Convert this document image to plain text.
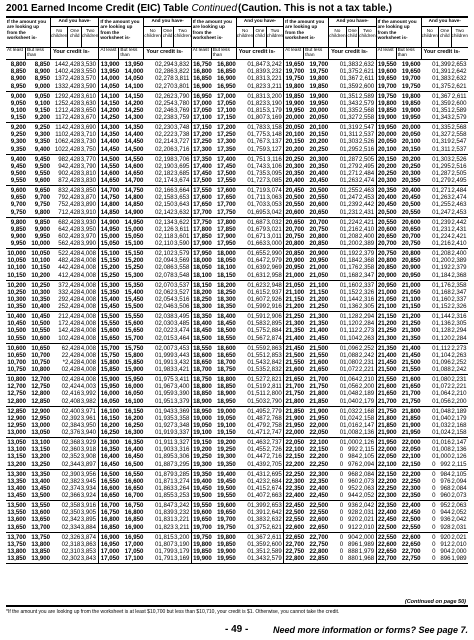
2001 Earned Income Credit (EIC) Table Continued (Caution. This is not a tax table.)
If the amount you are looking up from the worksheet is-
And you have-
No children
One child
Two children
At least But less than
Your credit is-
8,800	8,850 144 2,428 3,530
8,850	8,900 140 2,428 3,550
8,900	8,950 137 2,428 3,570
8,950	9,000 133 2,428 3,590
9,000	9,050 129 2,428 3,610
9,050	9,100 125 2,428 3,630
9,100	9,150 121 2,428 3,650
9,150	9,200 117 2,428 3,670
9,200	9,250 114 2,428 3,690
9,250	9,300 110 2,428 3,710
9,300	9,350 106 2,428 3,730
9,350	9,400 102 2,428 3,750
9,400	9,450	98 2,428 3,770
9,450	9,500	94 2,428 3,790
9,500	9,550	90 2,428 3,810
9,550	9,600	87 2,428 3,830
9,600	9,650	83 2,428 3,850
9,650	9,700	79 2,428 3,870
9,700	9,750	75 2,428 3,890
9,750	9,800	71 2,428 3,910
9,800	9,850	68 2,428 3,930
9,850	9,900	64 2,428 3,950
9,900	9,950	60 2,428 3,970
9,950 10,000	56 2,428 3,990
10,000 10,050	52 2,428 4,008
10,050 10,100	48 2,428 4,008
10,100 10,150	44 2,428 4,008
10,150 10,200	41 2,428 4,008
10,200 10,250	37 2,428 4,008
10,250 10,300	33 2,428 4,008
10,300 10,350	29 2,428 4,008
10,350 10,400	25 2,428 4,008
10,400 10,450	21 2,428 4,008
10,450 10,500	17 2,428 4,008
10,500 10,550	14 2,428 4,008
10,550 10,600	10 2,428 4,008
10,600 10,650	6 2,428 4,008
10,650 10,700	2 2,428 4,008
10,700 10,750	* 2,428 4,008
10,750 10,800	0 2,428 4,008
10,800 12,700	0 2,428 4,008
12,700 12,750	0 2,424 4,003
12,750 12,800	0 2,416 3,992
12,800 12,850	0 2,408 3,982
12,850 12,900	0 2,400 3,971
12,900 12,950	0 2,392 3,961
12,950 13,000	0 2,384 3,950
13,000 13,050	0 2,376 3,940
13,050 13,100	0 2,368 3,929
13,100 13,150	0 2,360 3,918
13,150 13,200	0 2,352 3,908
13,200 13,250	0 2,344 3,897
13,300 13,350	0 2,390 3,956
13,350 13,400	0 2,382 3,945
13,400 13,450	0 2,374 3,934
13,450 13,500	0 2,366 3,924
13,500 13,550	0 2,358 3,916
13,550 13,600	0 2,350 3,905
13,600 13,650	0 2,342 3,895
13,650 13,700	0 2,334 3,884
13,700 13,750	0 2,326 3,874
13,750 13,800	0 2,318 3,863
13,800 13,850	0 2,310 3,853
13,850 13,900	0 2,302 3,843
If the amount you are looking up from the worksheet is-
And you have-
No children
One child
Two children
At least But less than
Your credit is-
13,900 13,950	0 2,294 3,832
13,950 14,000	0 2,286 3,822
14,000 14,050	0 2,278 3,811
14,050 14,100	0 2,270 3,801
14,100 14,150	0 2,262 3,790
14,150 14,200	0 2,254 3,780
14,200 14,250	0 2,246 3,769
14,250 14,300	0 2,238 3,759
14,300 14,350	0 2,230 3,748
14,350 14,400	0 2,222 3,738
14,400 14,450	0 2,214 3,727
14,450 14,500	0 2,206 3,716
14,500 14,550	0 2,198 3,706
14,550 14,600	0 2,190 3,695
14,600 14,650	0 2,182 3,685
14,650 14,700	0 2,174 3,674
14,700 14,750	0 2,166 3,664
14,750 14,800	0 2,158 3,653
14,800 14,850	0 2,150 3,643
14,850 14,900	0 2,142 3,632
14,900 14,950	0 2,134 3,622
14,950 15,000	0 2,126 3,611
15,000 15,050	0 2,118 3,601
15,050 15,100	0 2,110 3,590
15,100 15,150	0 2,102 3,579
15,150 15,200	0 2,094 3,569
15,200 15,250	0 2,086 3,558
15,250 15,300	0 2,078 3,548
15,300 15,350	0 2,070 3,537
15,350 15,400	0 2,062 3,527
15,400 15,450	0 2,054 3,516
15,450 15,500	0 2,046 3,506
15,500 15,550	0 2,038 3,495
15,550 15,600	0 2,030 3,485
15,600 15,650	0 2,022 3,474
15,650 15,700	0 2,015 3,464
15,700 15,750	0 2,007 3,453
15,750 15,800	0 1,999 3,443
15,800 15,850	0 1,991 3,432
15,850 15,900	0 1,983 3,421
15,900 15,950	0 1,975 3,411
15,950 16,000	0 1,967 3,400
16,000 16,050	0 1,959 3,390
16,050 16,100	0 1,951 3,379
16,100 16,150	0 1,943 3,369
16,150 16,200	0 1,935 3,358
16,200 16,250	0 1,927 3,348
16,250 16,300	0 1,919 3,337
16,300 16,350	0 1,911 3,327
16,350 16,400	0 1,903 3,316
16,400 16,450	0 1,895 3,306
16,450 16,500	0 1,887 3,295
16,500 16,550	0 1,879 3,285
16,550 16,600	0 1,871 3,274
16,600 16,650	0 1,863 3,264
16,650 16,700	0 1,855 3,253
16,700 16,750	0 1,847 3,242
16,750 16,800	0 1,839 3,232
16,800 16,850	0 1,831 3,221
16,850 16,900	0 1,823 3,211
16,900 16,950	0 1,815 3,200
16,950 17,000	0 1,807 3,190
17,000 17,050	0 1,799 3,179
17,050 17,100	0 1,791 3,169
If the amount you are looking up from the worksheet is-
And you have-
No children
One child
Two children
At least But less than
Your credit is-
16,750 16,800	0 1,847 3,242
16,800 16,850	0 1,839 3,232
16,850 16,900	0 1,831 3,221
16,900 16,950	0 1,823 3,211
16,950 17,000	0 1,831 3,200
17,000 17,050	0 1,823 3,190
17,050 17,100	0 1,815 3,179
17,100 17,150	0 1,807 3,169
17,150 17,200	0 1,783 3,158
17,200 17,250	0 1,775 3,148
17,250 17,300	0 1,767 3,137
17,300 17,350	0 1,759 3,127
17,350 17,400	0 1,751 3,116
17,400 17,450	0 1,743 3,106
17,450 17,500	0 1,735 3,095
17,500 17,550	0 1,727 3,085
17,550 17,600	0 1,719 3,074
17,600 17,650	0 1,711 3,063
17,650 17,700	0 1,703 3,053
17,700 17,750	0 1,695 3,042
17,750 17,800	0 1,687 3,032
17,800 17,850	0 1,679 3,021
17,850 17,900	0 1,671 3,011
17,900 17,950	0 1,663 3,000
17,950 18,000	0 1,655 2,990
18,000 18,050	0 1,647 2,979
18,050 18,100	0 1,639 2,969
18,100 18,150	0 1,631 2,958
18,150 18,200	0 1,623 2,948
18,200 18,250	0 1,615 2,937
18,250 18,300	0 1,607 2,926
18,300 18,350	0 1,599 2,916
18,350 18,400	0 1,591 2,906
18,400 18,450	0 1,583 2,895
18,450 18,500	0 1,575 2,884
18,500 18,550	0 1,567 2,874
18,550 18,600	0 1,559 2,863
18,600 18,650	0 1,551 2,853
18,650 18,700	0 1,543 2,842
18,700 18,750	0 1,535 2,832
18,750 18,800	0 1,527 2,821
18,800 18,850	0 1,519 2,811
18,850 18,900	0 1,511 2,800
18,900 18,950	0 1,503 2,790
18,950 19,000	0 1,495 2,779
19,000 19,050	0 1,487 2,768
19,050 19,100	0 1,479 2,758
19,100 19,150	0 1,471 2,747
19,150 19,200	0 1,463 2,737
19,200 19,250	0 1,455 2,726
19,250 19,300	0 1,447 2,716
19,300 19,350	0 1,439 2,705
19,350 19,400	0 1,431 2,695
19,400 19,450	0 1,423 2,684
19,450 19,500	0 1,415 2,674
19,500 19,550	0 1,407 2,663
19,550 19,600	0 1,399 2,653
19,600 19,650	0 1,391 2,642
19,650 19,700	0 1,383 2,632
19,700 19,750	0 1,375 2,621
19,750 19,800	0 1,367 2,611
19,800 19,850	0 1,359 2,600
19,850 19,900	0 1,351 2,589
19,900 19,950	0 1,343 2,579
If the amount you are looking up from the worksheet is-
And you have-
No children
One child
Two children
At least But less than
Your credit is-
19,650 19,700	0 1,383 2,632
19,700 19,750	0 1,375 2,621
19,750 19,800	0 1,367 2,611
19,800 19,850	0 1,359 2,600
19,850 19,900	0 1,351 2,589
19,900 19,950	0 1,343 2,579
19,950 20,000	0 1,335 2,568
20,000 20,050	0 1,327 2,558
20,050 20,100	0 1,319 2,547
20,100 20,150	0 1,311 2,537
20,150 20,200	0 1,303 2,526
20,200 20,250	0 1,295 2,516
20,250 20,300	0 1,287 2,505
20,300 20,350	0 1,279 2,495
20,350 20,400	0 1,271 2,484
20,400 20,450	0 1,263 2,474
20,450 20,500	0 1,255 2,463
20,500 20,550	0 1,247 2,453
20,550 20,600	0 1,239 2,442
20,600 20,650	0 1,231 2,431
20,650 20,700	0 1,224 2,421
20,700 20,750	0 1,216 2,410
20,750 20,800	0 1,208 2,400
20,800 20,850	0 1,200 2,389
20,850 20,900	0 1,192 2,379
20,900 20,950	0 1,184 2,368
20,950 21,000	0 1,176 2,358
21,000 21,050	0 1,168 2,347
21,050 21,100	0 1,160 2,337
21,100 21,150	0 1,152 2,326
21,150 21,200	0 1,144 2,316
21,200 21,250	0 1,136 2,305
21,250 21,300	0 1,128 2,294
21,300 21,350	0 1,120 2,284
21,350 21,400	0 1,112 2,273
21,400 21,450	0 1,104 2,263
21,450 21,500	0 1,096 2,252
21,500 21,550	0 1,088 2,242
21,550 21,600	0 1,080 2,231
21,600 21,650	0 1,072 2,221
21,650 21,700	0 1,064 2,210
21,700 21,750	0 1,056 2,200
21,750 21,800	0 1,048 2,189
21,800 21,850	0 1,040 2,179
21,850 21,900	0 1,032 2,168
21,900 21,950	0 1,024 2,158
21,950 22,000	0 1,016 2,147
22,000 22,050	0 1,008 2,136
22,050 22,100	0 1,000 2,126
22,100 22,150	0 992 2,115
22,150 22,200	0 984 2,105
22,200 22,250	0 976 2,094
22,250 22,300	0 968 2,084
22,300 22,350	0 960 2,073
22,350 22,400	0 952 2,063
22,400 22,450	0 944 2,052
22,450 22,500	0 936 2,042
22,500 22,550	0 928 2,031
22,550 22,600	0 920 2,021
22,600 22,650	0 912 2,010
22,650 22,700	0 904 2,000
22,700 22,750	0 896 1,989
22,750 22,800	0 888 1,979
22,800 22,850	0 880 1,968
If the amount you are looking up from the worksheet is-
And you have-
No children
One child
Two children
At least But less than
Your credit is-
19,550 19,600	0 1,399 2,653
19,600 19,650	0 1,391 2,642
19,650 19,700	0 1,383 2,632
19,700 19,750	0 1,375 2,621
19,750 19,800	0 1,367 2,611
19,800 19,850	0 1,359 2,600
19,850 19,900	0 1,351 2,589
19,900 19,950	0 1,343 2,579
19,950 20,000	0 1,335 2,568
20,000 20,050	0 1,327 2,558
20,050 20,100	0 1,319 2,547
20,100 20,150	0 1,311 2,537
20,150 20,200	0 1,303 2,526
20,200 20,250	0 1,295 2,516
20,250 20,300	0 1,287 2,505
20,300 20,350	0 1,279 2,495
20,350 20,400	0 1,271 2,484
20,400 20,450	0 1,263 2,474
20,450 20,500	0 1,255 2,463
20,500 20,550	0 1,247 2,453
20,550 20,600	0 1,239 2,442
20,600 20,650	0 1,231 2,431
20,650 20,700	0 1,224 2,421
20,700 20,750	0 1,216 2,410
20,750 20,800	0 1,208 2,400
20,800 20,850	0 1,200 2,389
20,850 20,900	0 1,192 2,379
20,900 20,950	0 1,184 2,368
20,950 21,000	0 1,176 2,358
21,000 21,050	0 1,168 2,347
21,050 21,100	0 1,160 2,337
21,100 21,150	0 1,152 2,326
21,150 21,200	0 1,144 2,316
21,200 21,250	0 1,136 2,305
21,250 21,300	0 1,128 2,294
21,300 21,350	0 1,120 2,284
21,350 21,400	0 1,112 2,273
21,400 21,450	0 1,104 2,263
21,450 21,500	0 1,096 2,252
21,500 21,550	0 1,088 2,242
21,550 21,600	0 1,080 2,231
21,600 21,650	0 1,072 2,221
21,650 21,700	0 1,064 2,210
21,700 21,750	0 1,056 2,200
21,750 21,800	0 1,048 2,189
21,800 21,850	0 1,040 2,179
21,850 21,900	0 1,032 2,168
21,900 21,950	0 1,024 2,158
21,950 22,000	0 1,016 2,147
22,000 22,050	0 1,008 2,136
22,050 22,100	0 1,000 2,126
22,100 22,150	0 992 2,115
22,150 22,200	0 984 2,105
22,200 22,250	0 976 2,094
22,250 22,300	0 968 2,084
22,300 22,350	0 960 2,073
22,350 22,400	0 952 2,063
22,400 22,450	0 944 2,052
22,450 22,500	0 936 2,042
22,500 22,550	0 928 2,031
22,550 22,600	0 920 2,021
22,600 22,650	0 912 2,010
22,650 22,700	0 904 2,000
22,700 22,750	0 896 1,989
(Continued on page 50)
*If the amount you are looking up from the worksheet is at least $10,700 but less than $10,710, your credit is $1. Otherwise, you cannot take the credit.
- 49 -	Need more information or forms? See page 7.
